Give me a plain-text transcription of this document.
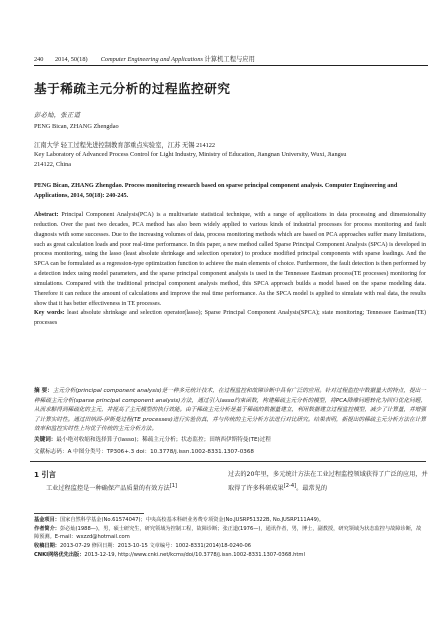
240 2014, 50(18) Computer Engineering and Applications 计算机工程与应用
基于稀疏主元分析的过程监控研究
彭必灿，张正道
PENG Bican, ZHANG Zhengdao
江南大学 轻工过程先进控制教育部重点实验室，江苏 无锡 214122
Key Laboratory of Advanced Process Control for Light Industry, Ministry of Education, Jiangnan University, Wuxi, Jiangsu
214122, China
PENG Bican, ZHANG Zhengdao. Process monitoring research based on sparse principal component analysis. Computer Engineering and Applications, 2014, 50(18): 240-245.
Abstract: Principal Component Analysis(PCA) is a multivariate statistical technique, with a range of applications in data processing and dimensionality reduction. Over the past two decades, PCA method has also been widely applied to various kinds of industrial processes for process monitoring and fault diagnosis with some successes. Due to the increasing volumes of data, process monitoring methods which are based on PCA approaches suffer many limitations, such as great calculation loads and poor real-time performance. In this paper, a new method called Sparse Principal Component Analysis (SPCA) is developed in process monitoring, using the lasso (least absolute shrinkage and selection operator) to produce modified principal components with sparse loadings. And the SPCA can be formulated as a regression-type optimization function to achieve the main elements of choice. Furthermore, the fault detection is then performed by a detection index using model parameters, and the sparse principal component analysis is used in the Tennessee Eastman process(TE processes) monitoring for simulations. Compared with the traditional principal component analysis method, this SPCA approach builds a model based on the sparse modeling data. Therefore it can reduce the amount of calculations and improve the real time performance. As the SPCA model is applied to simulate with real data, the results show that it has better effectiveness in TE processes.
Key words: least absolute shrinkage and selection operator(lasso); Sparse Principal Component Analysis(SPCA); state monitoring; Tennessee Eastman(TE) processes
摘 要：主元分析(principal component analysis)是一种多元统计技术，在过程监控和故障诊断中具有广泛的应用。针对过程监控中数据量大的特点，提出一种稀疏主元分析(sparse principal component analysis)方法，通过引入lasso约束函数，构建稀疏主元分析的模型，将PCA降维问题转化为回归优化问题，从而求解得到稀疏化的主元，并提高了主元模型的执行效能。由于稀疏主元分析是基于稀疏的数据量建立，利用数据建立过程监控模型，减少了计算量，并增强了计算实时性。通过田纳西-伊斯曼过程(TE processes)进行实验仿真，并与传统的主元分析方法进行对比研究。结果表明，新提出的稀疏主元分析方法在计算效率和监控实时性上均优于传统的主元分析方法。
关键词：最小绝对收缩和选择算子(lasso)；稀疏主元分析；状态监控；田纳西伊斯特曼(TE)过程
文献标志码：A 中图分类号：TP306+.3 doi：10.3778/j.issn.1002-8331.1307-0368
1 引言
工业过程监控是一种确保产品质量的有效方法[1]
过去的20年里，多元统计方法在工业过程监控领域获得了广泛的应用，并取得了许多科研成果[2-4]。最常见的
基金项目：国家自然科学基金(No.61574047)；中央高校基本科研业务费专项资金(No.JUSRP51322B, No.JUSRP111A49)。
作者简介：彭必灿(1988—)，男，硕士研究生，研究领域为控制工程，故障诊断；张正道(1976—)，通讯作者，男，博士，副教授，研究领域为状态监控与故障诊断，故障预测。E-mail：wxzzd@hotmail.com
收稿日期：2013-07-29 修回日期：2013-10-15 文章编号：1002-8331(2014)18-0240-06
CNKI网络优先出版：2013-12-19, http://www.cnki.net/kcms/doi/10.3778/j.issn.1002-8331.1307-0368.html
